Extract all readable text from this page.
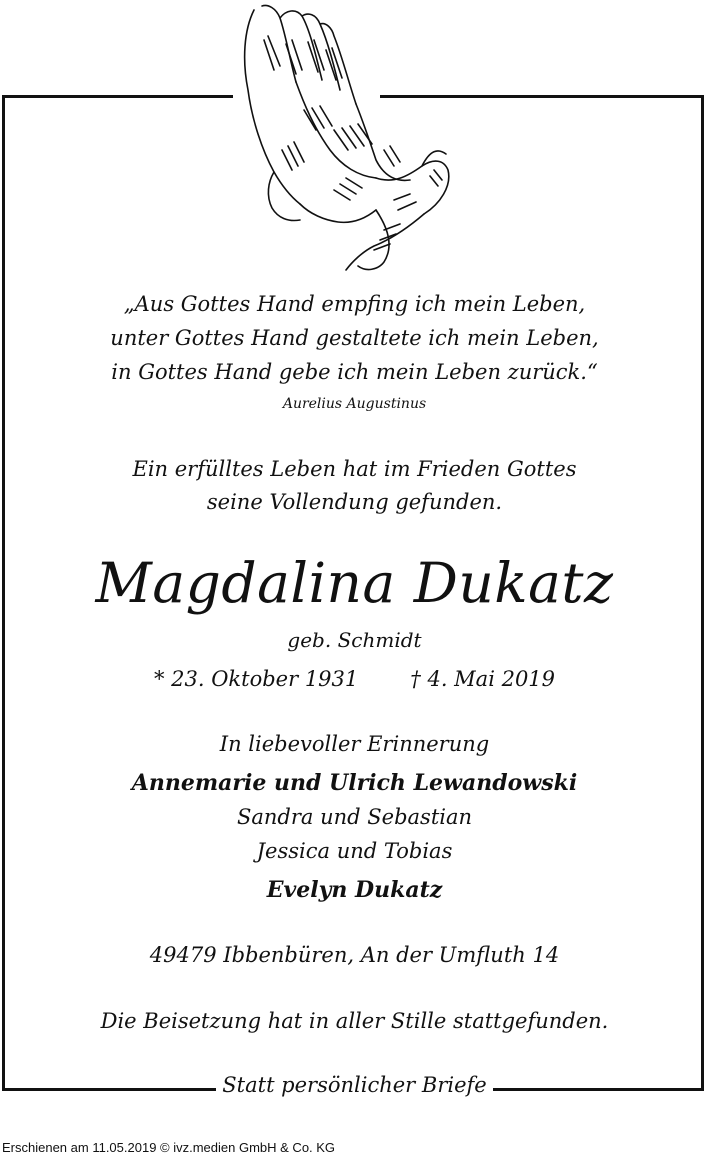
„Aus Gottes Hand empfing ich mein Leben,
unter Gottes Hand gestaltete ich mein Leben,
in Gottes Hand gebe ich mein Leben zurück.“
Aurelius Augustinus
Ein erfülltes Leben hat im Frieden Gottes
seine Vollendung gefunden.
Magdalina Dukatz
geb. Schmidt
* 23. Oktober 1931 † 4. Mai 2019
In liebevoller Erinnerung
Annemarie und Ulrich Lewandowski
Sandra und Sebastian
Jessica und Tobias
Evelyn Dukatz
49479 Ibbenbüren, An der Umfluth 14
Die Beisetzung hat in aller Stille stattgefunden.
Statt persönlicher Briefe
Erschienen am 11.05.2019 © ivz.medien GmbH & Co. KG
